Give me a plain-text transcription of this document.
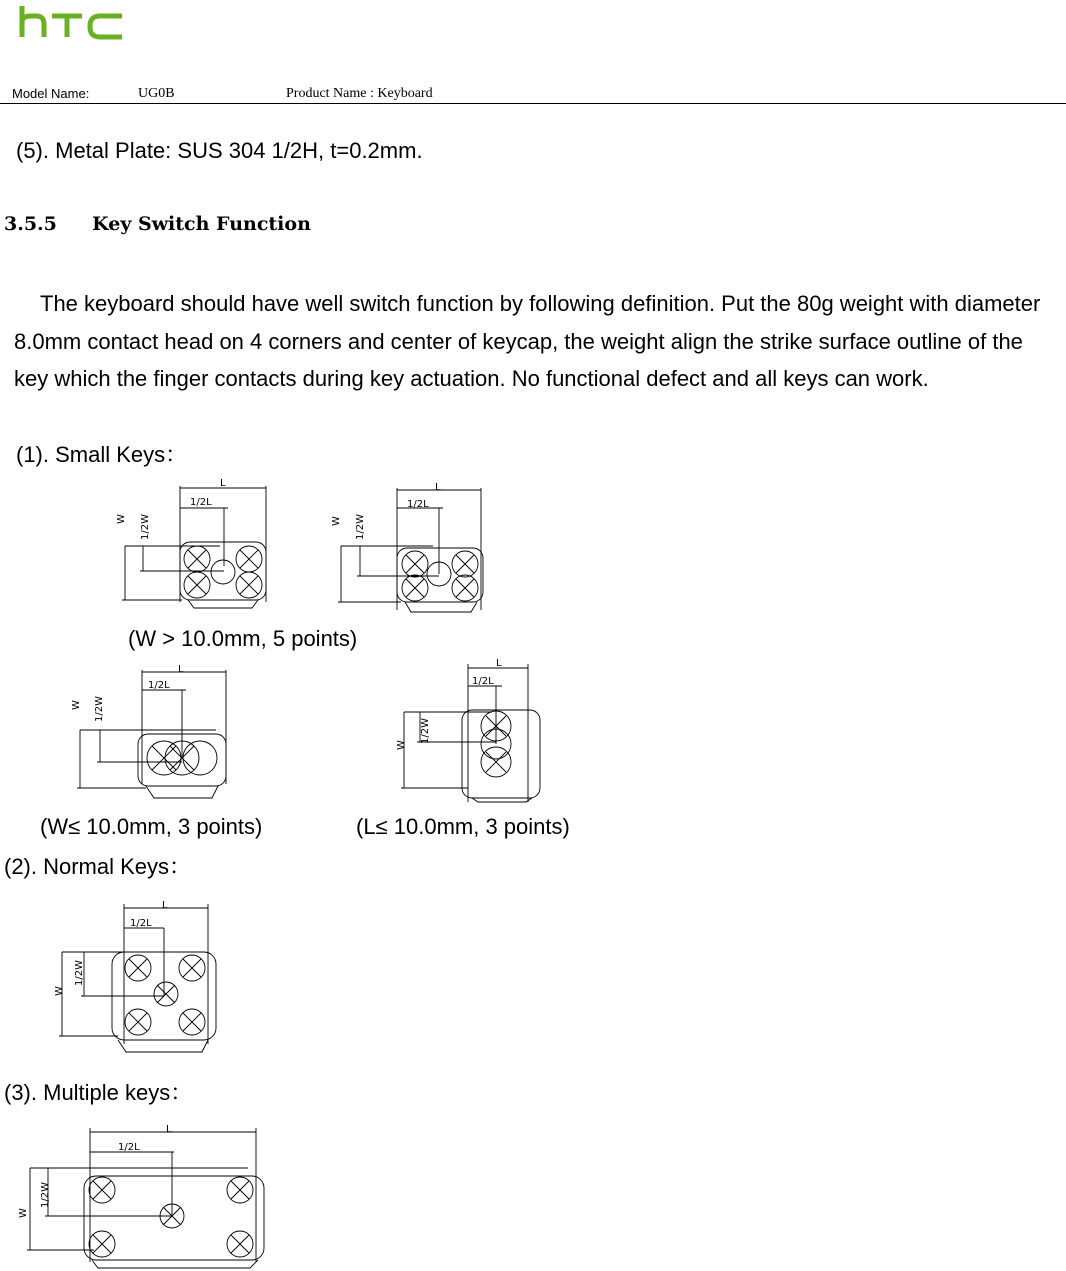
htc
Model Name:	UG0B	Product Name : Keyboard
(5). Metal Plate: SUS 304 1/2H, t=0.2mm.
3.5.5 Key Switch Function
The keyboard should have well switch function by following definition. Put the 80g weight with diameter 8.0mm contact head on 4 corners and center of keycap, the weight align the strike surface outline of the key which the finger contacts during key actuation. No functional defect and all keys can work.
(1). Small Keys：
L
1/2L
W 1/2W
L
1/2L
W 1/2W
(W > 10.0mm, 5 points)
L
1/2L
W 1/2W
L
1/2L
W
1/2W
(W≤ 10.0mm, 3 points)	(L≤ 10.0mm, 3 points)
(2). Normal Keys：
L
1/2L
W
1/2W
(3). Multiple keys：
L
1/2L
W
1/2W
